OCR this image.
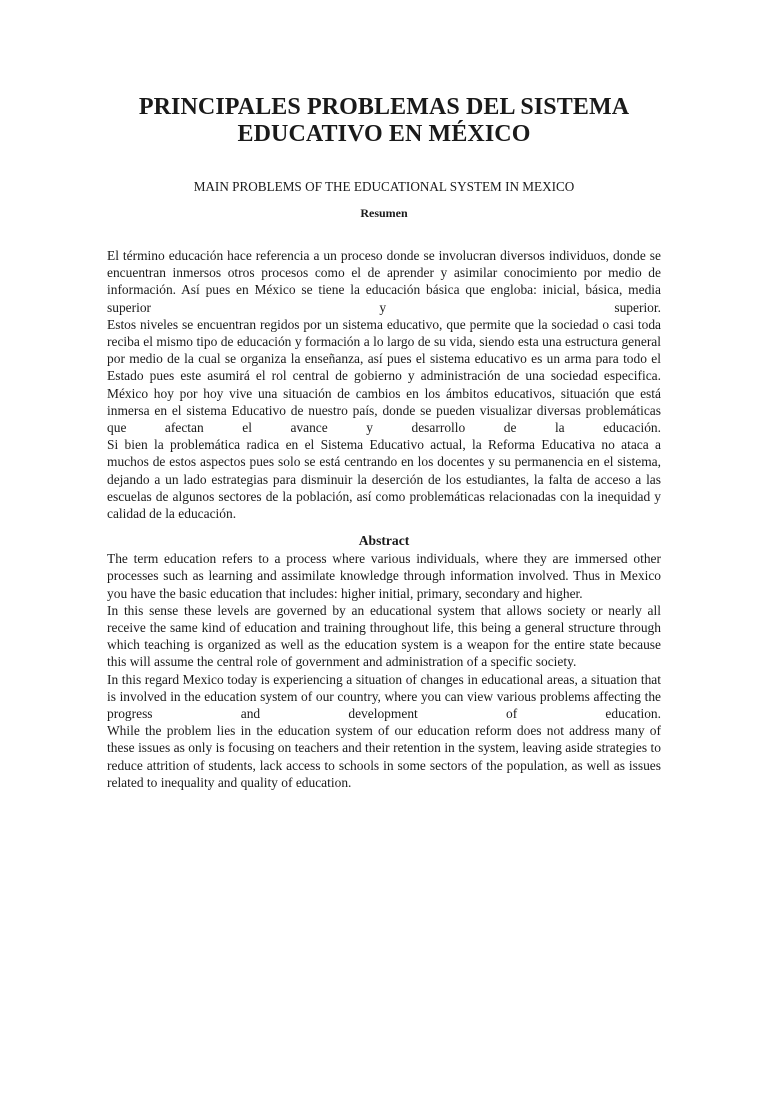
PRINCIPALES PROBLEMAS DEL SISTEMA EDUCATIVO EN MÉXICO
MAIN PROBLEMS OF THE EDUCATIONAL SYSTEM IN MEXICO
Resumen

El término educación hace referencia a un proceso donde se involucran diversos individuos, donde se encuentran inmersos otros procesos como el de aprender y asimilar conocimiento por medio de información. Así pues en México se tiene la educación básica que engloba: inicial, básica, media superior y superior.

Estos niveles se encuentran regidos por un sistema educativo, que permite que la sociedad o casi toda reciba el mismo tipo de educación y formación a lo largo de su vida, siendo esta una estructura general por medio de la cual se organiza la enseñanza, así pues el sistema educativo es un arma para todo el Estado pues este asumirá el rol central de gobierno y administración de una sociedad especifica.

México hoy por hoy vive una situación de cambios en los ámbitos educativos, situación que está inmersa en el sistema Educativo de nuestro país, donde se pueden visualizar diversas problemáticas que afectan el avance y desarrollo de la educación.

Si bien la problemática radica en el Sistema Educativo actual, la Reforma Educativa no ataca a muchos de estos aspectos pues solo se está centrando en los docentes y su permanencia en el sistema, dejando a un lado estrategias para disminuir la deserción de los estudiantes, la falta de acceso a las escuelas de algunos sectores de la población, así como problemáticas relacionadas con la inequidad y calidad de la educación.

Abstract

The term education refers to a process where various individuals, where they are immersed other processes such as learning and assimilate knowledge through information involved. Thus in Mexico you have the basic education that includes: higher initial, primary, secondary and higher.

In this sense these levels are governed by an educational system that allows society or nearly all receive the same kind of education and training throughout life, this being a general structure through which teaching is organized as well as the education system is a weapon for the entire state because this will assume the central role of government and administration of a specific society.

In this regard Mexico today is experiencing a situation of changes in educational areas, a situation that is involved in the education system of our country, where you can view various problems affecting the progress and development of education.

While the problem lies in the education system of our education reform does not address many of these issues as only is focusing on teachers and their retention in the system, leaving aside strategies to reduce attrition of students, lack access to schools in some sectors of the population, as well as issues related to inequality and quality of education.
